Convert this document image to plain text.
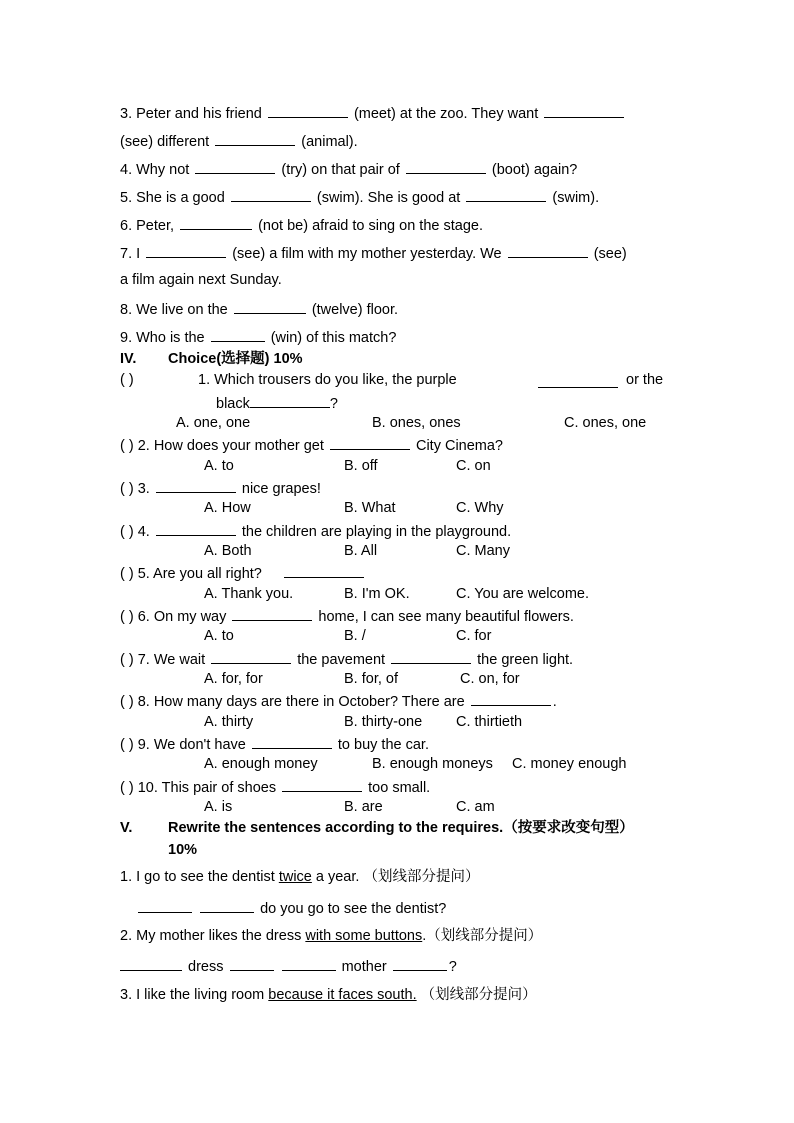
3. Peter and his friend	(meet) at the zoo. They want
(see) different	(animal).
4. Why not	(try) on that pair of	(boot) again?
5. She is a good	(swim). She is good at	(swim).
6. Peter,	(not be) afraid to sing on the stage.
7. I	(see) a film with my mother yesterday. We	(see)
a film again next Sunday.
8. We live on the	(twelve) floor.
9. Who is the	(win) of this match?
IV. Choice(选择题) 10%
( )	1. Which trousers do you like, the purple	or the
black	?
A. one, one	B. ones, ones	C. ones, one
( ) 2. How does your mother get	City Cinema?
A. to	B. off	C. on
( ) 3.	nice grapes!
A. How	B. What	C. Why
( ) 4.	the children are playing in the playground.
A. Both	B. All	C. Many
( ) 5. Are you all right?
A. Thank you.	B. I'm OK.	C. You are welcome.
( ) 6. On my way	home, I can see many beautiful flowers.
A. to	B. /	C. for
( ) 7. We wait	the pavement	the green light.
A. for, for	B. for, of	C. on, for
( ) 8. How many days are there in October? There are	.
A. thirty	B. thirty-one C. thirtieth
( ) 9. We don't have	to buy the car.
A. enough money	B. enough moneys C. money enough
( ) 10. This pair of shoes	too small.
A. is	B. are	C. am
V. Rewrite the sentences according to the requires.（按要求改变句型）
10%
1. I go to see the dentist twice a year. （划线部分提问）
do you go to see the dentist?
2. My mother likes the dress with some buttons.（划线部分提问）
dress	mother	?
3. I like the living room because it faces south. （划线部分提问）
